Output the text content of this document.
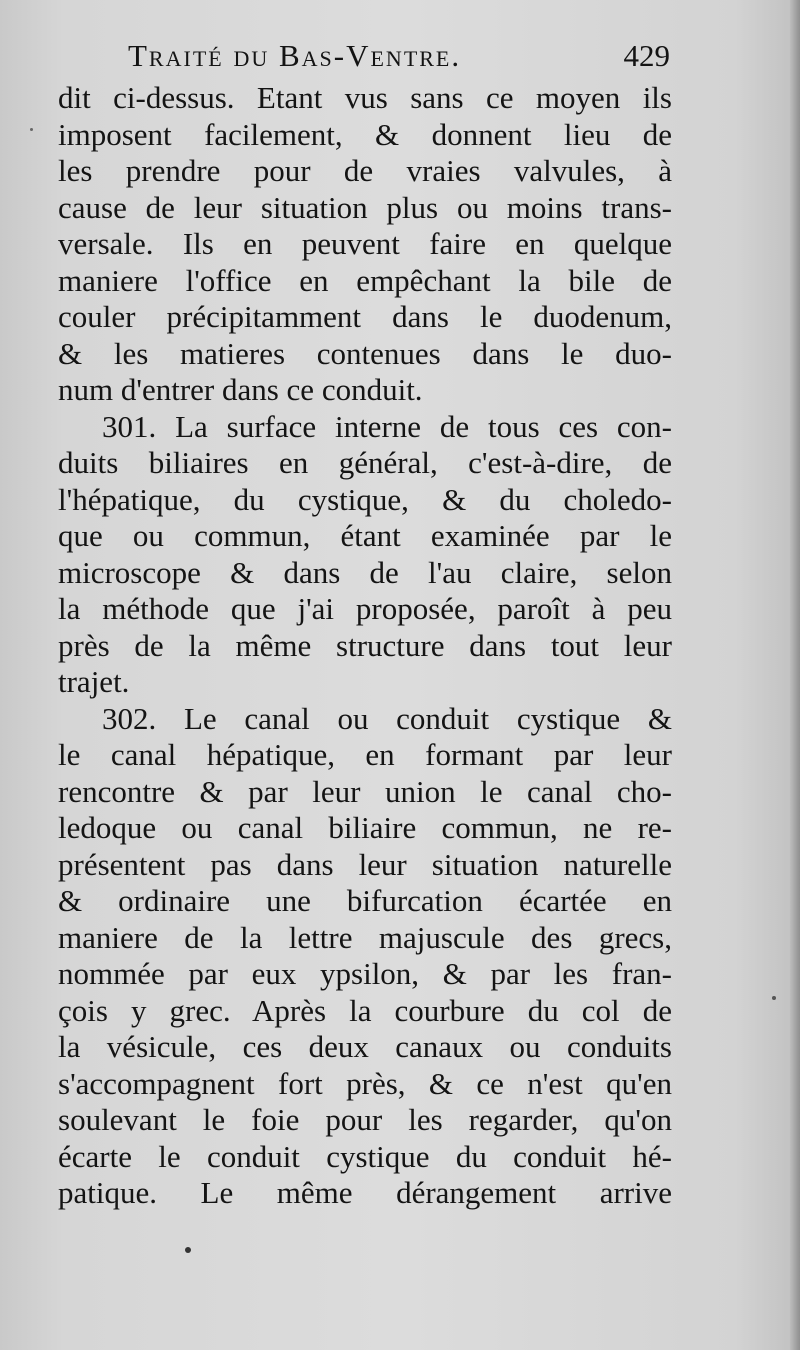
Traité du Bas-Ventre.	429
dit ci-dessus. Etant vus sans ce moyen ils
imposent facilement, & donnent lieu de
les prendre pour de vraies valvules, à
cause de leur situation plus ou moins trans-
versale. Ils en peuvent faire en quelque
maniere l'office en empêchant la bile de
couler précipitamment dans le duodenum,
& les matieres contenues dans le duo-
num d'entrer dans ce conduit.
301. La surface interne de tous ces con-
duits biliaires en général, c'est-à-dire, de
l'hépatique, du cystique, & du choledo-
que ou commun, étant examinée par le
microscope & dans de l'au claire, selon
la méthode que j'ai proposée, paroît à peu
près de la même structure dans tout leur
trajet.
302. Le canal ou conduit cystique &
le canal hépatique, en formant par leur
rencontre & par leur union le canal cho-
ledoque ou canal biliaire commun, ne re-
présentent pas dans leur situation naturelle
& ordinaire une bifurcation écartée en
maniere de la lettre majuscule des grecs,
nommée par eux ypsilon, & par les fran-
çois y grec. Après la courbure du col de
la vésicule, ces deux canaux ou conduits
s'accompagnent fort près, & ce n'est qu'en
soulevant le foie pour les regarder, qu'on
écarte le conduit cystique du conduit hé-
patique. Le même dérangement arrive
